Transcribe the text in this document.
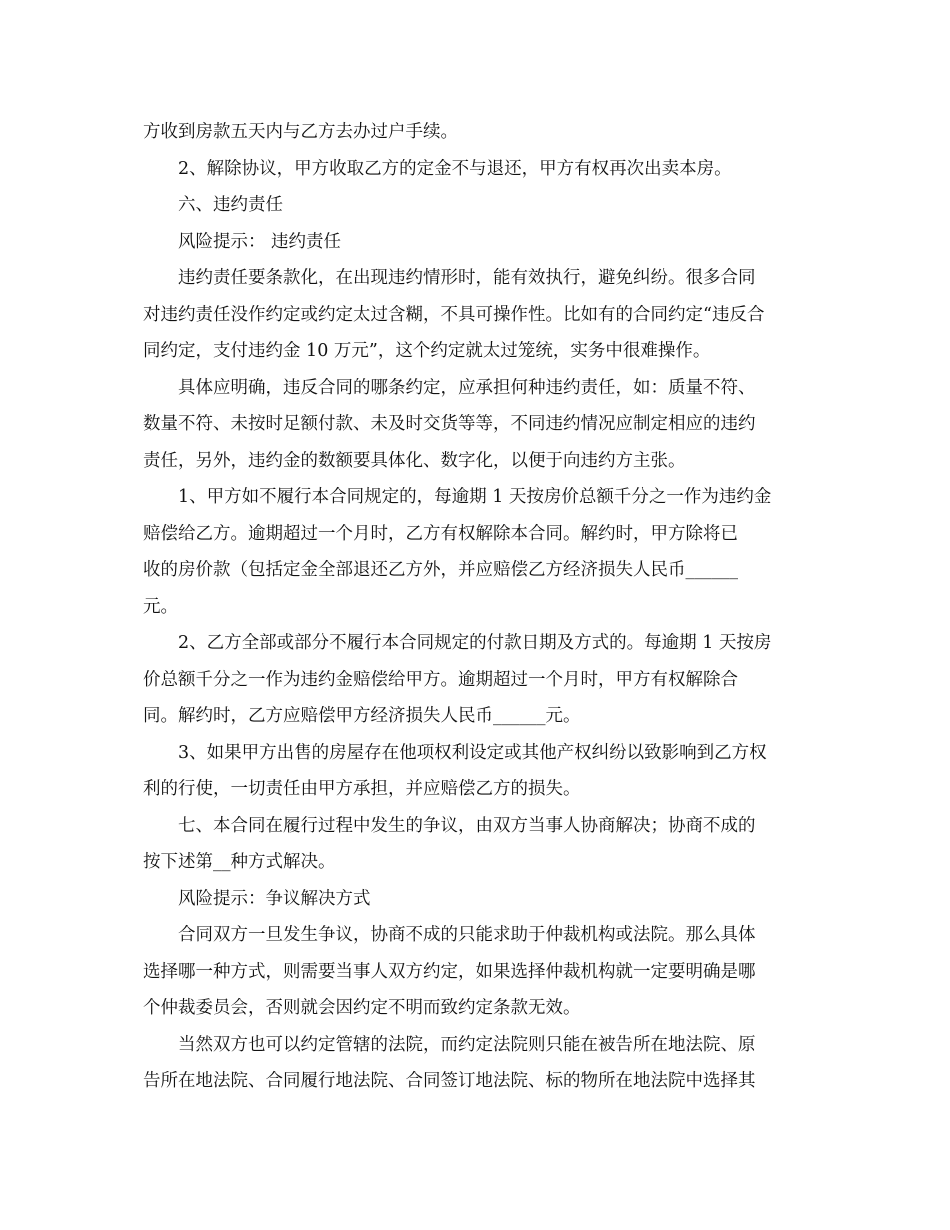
方收到房款五天内与乙方去办过户手续。
2、解除协议，甲方收取乙方的定金不与退还，甲方有权再次出卖本房。
六、违约责任
风险提示： 违约责任
违约责任要条款化，在出现违约情形时，能有效执行，避免纠纷。很多合同
对违约责任没作约定或约定太过含糊，不具可操作性。比如有的合同约定“违反合
同约定，支付违约金 10 万元”，这个约定就太过笼统，实务中很难操作。
具体应明确，违反合同的哪条约定，应承担何种违约责任，如：质量不符、
数量不符、未按时足额付款、未及时交货等等，不同违约情况应制定相应的违约
责任，另外，违约金的数额要具体化、数字化，以便于向违约方主张。
1、甲方如不履行本合同规定的，每逾期 1 天按房价总额千分之一作为违约金
赔偿给乙方。逾期超过一个月时，乙方有权解除本合同。解约时，甲方除将已
收的房价款（包括定金全部退还乙方外，并应赔偿乙方经济损失人民币______
元。
2、乙方全部或部分不履行本合同规定的付款日期及方式的。每逾期 1 天按房
价总额千分之一作为违约金赔偿给甲方。逾期超过一个月时，甲方有权解除合
同。解约时，乙方应赔偿甲方经济损失人民币______元。
3、如果甲方出售的房屋存在他项权利设定或其他产权纠纷以致影响到乙方权
利的行使，一切责任由甲方承担，并应赔偿乙方的损失。
七、本合同在履行过程中发生的争议，由双方当事人协商解决；协商不成的
按下述第__种方式解决。
风险提示：争议解决方式
合同双方一旦发生争议，协商不成的只能求助于仲裁机构或法院。那么具体
选择哪一种方式，则需要当事人双方约定，如果选择仲裁机构就一定要明确是哪
个仲裁委员会，否则就会因约定不明而致约定条款无效。
当然双方也可以约定管辖的法院，而约定法院则只能在被告所在地法院、原
告所在地法院、合同履行地法院、合同签订地法院、标的物所在地法院中选择其
